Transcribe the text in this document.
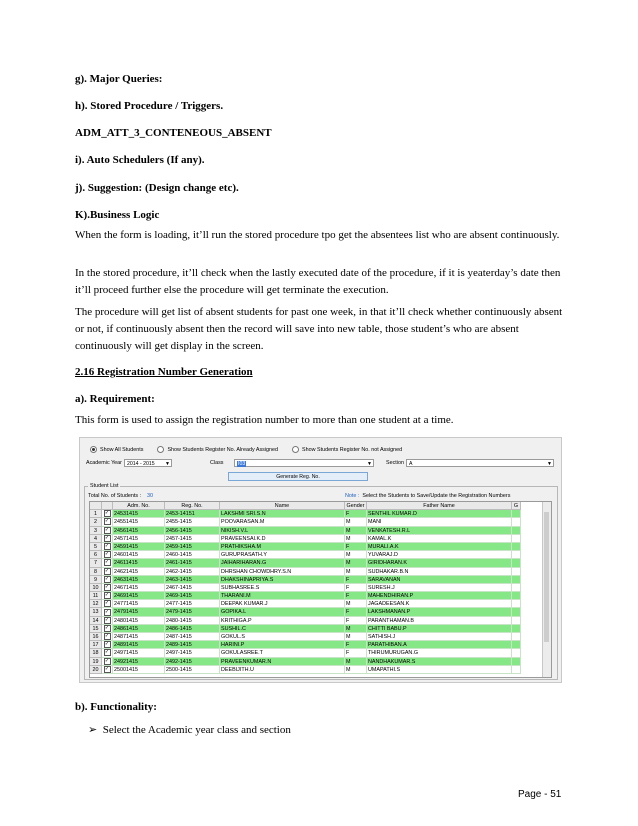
g). Major Queries:

h). Stored Procedure / Triggers.

ADM_ATT_3_CONTENEOUS_ABSENT

i). Auto Schedulers (If any).

j). Suggestion: (Design change etc).

K).Business Logic

When the form is loading, it’ll run the stored procedure tpo get the absentees list who are absent continuously.

In the stored procedure, it’ll check when the lastly executed date of the procedure, if it is yeaterday’s date then it’ll proceed further else the procedure will get terminate the execution.

The procedure will get list of absent students for past one week, in that it’ll check whether continuously absent or not, if continuously absent then the record will save into new table, those student’s who are absent continuously will get display in the screen.

2.16 Registration Number Generation

a). Requirement:

This form is used to assign the registration number to more than one student at a time.

Show All Students	Show Students Register No. Already Assigned	Show Students Register No. not Assigned
Academic Year 2014 - 2015 ▼	Class	I03	▼	Section A	▼
Generate Reg. No.
Student List
Total No. of Students : 30	Note : Select the Students to Save/Update the Registration Numbers
Adm. No.	Reg. No.	Name	Gender	Father Name	G
1	✓ 24531415	2453-14151	LAKSHMI SRI.S.N	F	SENTHIL KUMAR.D
2	✓ 24551415	2455-1415	POOVARASAN.M	M	MANI
3	✓ 24561415	2456-1415	NIKISH.V.L	M	VENKATESH.R.L
4	✓ 24571415	2457-1415	PRAVEENSAI.K.D	M	KAMAL.K
5	✓ 24591415	2459-1415	PRATHIKSHA.M	F	MURALI.A.K
6	✓ 24601415	2460-1415	GURUPRASATH.Y	M	YUVARAJ.D
7	✓ 24611415	2461-1415	JAIHARIHARAN.G	M	GIRIDHARAN.K
8	✓ 24621415	2462-1415	DHRSHAN CHOWDHRY.S.N	M	SUDHAKAR.B.N
9	✓ 24631415	2463-1415	DHAKSHINAPRIYA.S	F	SARAVANAN
10	✓ 24671415	2467-1415	SUBHASREE.S	F	SURESH.J
11	✓ 24691415	2469-1415	THARANI.M	F	MAHENDHIRAN.P
12	✓ 24771415	2477-1415	DEEPAK KUMAR.J	M	JAGADEESAN.K
13	✓ 24791415	2479-1415	GOPIKA.L	F	LAKSHMANAN.P
14	✓ 24801415	2480-1415	KRITHIGA.P	F	PARANTHAMAN.B
15	✓ 24861415	2486-1415	SUSHIL.C	M	CHITTI BABU.P
16	✓ 24871415	2487-1415	GOKUL.S	M	SATHISH.J
17	✓ 24891415	2489-1415	HARINI.P	F	PARATHIBAN.A
18	✓ 24971415	2497-1415	GOKULASREE.T	F	THIRUMURUGAN.G
19	✓ 24921415	2492-1415	PRAVEENKUMAR.N	M	NANDHAKUMAR.S
20	✓ 25001415	2500-1415	DEEBIJITH.U	M	UMAPATHI.S

b). Functionality:

➢ Select the Academic year class and section

Page - 51
